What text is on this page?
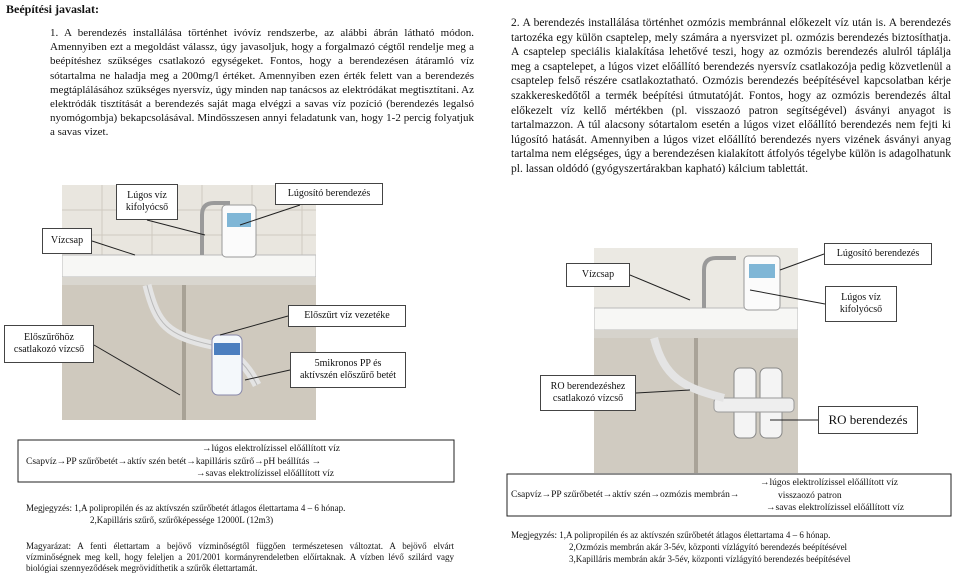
Beépítési javaslat:
1. A berendezés installálása történhet ivóvíz rendszerbe, az alábbi ábrán látható módon. Amennyiben ezt a megoldást válassz, úgy javasoljuk, hogy a forgalmazó cégtől rendelje meg a beépítéshez szükséges csatlakozó egységeket. Fontos, hogy a berendezésen átáramló víz sótartalma ne haladja meg a 200mg/l értéket. Amennyiben ezen érték felett van a berendezés megtáplálásához szükséges nyersvíz, úgy minden nap tanácsos az elektródákat megtisztítani. Az elektródák tisztítását a berendezés saját maga elvégzi a savas víz pozíció (berendezés legalsó nyomógombja) bekapcsolásával. Mindösszesen annyi feladatunk van, hogy 1-2 percig folyatjuk a savas vizet.
Lúgos víz kifolyócső
Lúgosító berendezés
Vízcsap
Előszűrőhöz csatlakozó vízcső
Előszűrt víz vezetéke
5mikronos PP és aktívszén előszűrő betét
→lúgos elektrolízissel előállított víz
Csapvíz→PP szűrőbetét→aktív szén betét→kapilláris szűrő→pH beállítás →
→savas elektrolízissel előállított víz
Megjegyzés: 1,A polipropilén és az aktívszén szűrőbetét átlagos élettartama 4 – 6 hónap.
2,Kapilláris szűrő, szűrőképessége 12000L (12m3)
Magyarázat: A fenti élettartam a bejövő vízminőségtől függően természetesen változtat. A bejövő elvárt vízminőségnek meg kell, hogy feleljen a 201/2001 kormányrendeletben előírtaknak. A vízben lévő szilárd vagy biológiai szennyeződések megrövidíthetik a szűrők élettartamát.
2. A berendezés installálása történhet ozmózis membránnal előkezelt víz után is. A berendezés tartozéka egy külön csaptelep, mely számára a nyersvizet pl. ozmózis berendezés biztosíthatja. A csaptelep speciális kialakítása lehetővé teszi, hogy az ozmózis berendezés alulról táplálja meg a csaptelepet, a lúgos vizet előállító berendezés nyersvíz csatlakozója pedig közvetlenül a csaptelep felső részére csatlakoztatható. Ozmózis berendezés beépítésével kapcsolatban kérje szakkereskedőtől a termék beépítési útmutatóját. Fontos, hogy az ozmózis berendezés által előkezelt víz kellő mértékben (pl. visszaozó patron segítségével) ásványi anyagot is tartalmazzon. A túl alacsony sótartalom esetén a lúgos vizet előállító berendezés nem fejti ki lúgosító hatását. Amennyiben a lúgos vizet előállító berendezés nyers vizének ásványi anyag tartalma nem elégséges, úgy a berendezésen kialakított átfolyós tégelybe külön is adagolhatunk pl. lassan oldódó (gyógyszertárakban kapható) kálcium tablettát.
Lúgosító berendezés
Vízcsap
Lúgos víz kifolyócső
RO berendezéshez csatlakozó vízcső
RO berendezés
→lúgos elektrolízissel előállított víz
Csapvíz→PP szűrőbetét→aktív szén→ozmózis membrán→	visszaozó patron
→savas elektrolízissel előállított víz
Megjegyzés: 1,A polipropilén és az aktívszén szűrőbetét átlagos élettartama 4 – 6 hónap.
2,Ozmózis membrán akár 3-5év, központi vízlágyító berendezés beépítésével
3,Kapilláris membrán akár 3-5év, központi vízlágyító berendezés beépítésével
